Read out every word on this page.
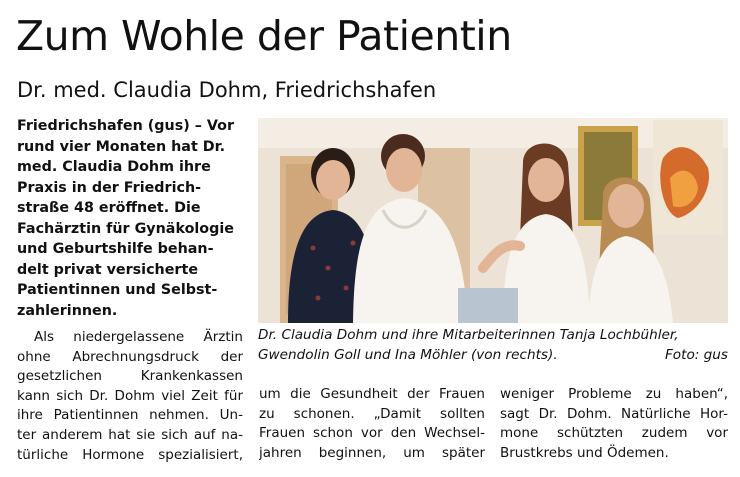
Zum Wohle der Patientin
Dr. med. Claudia Dohm, Friedrichshafen
Friedrichshafen (gus) – Vor
rund vier Monaten hat Dr.
med. Claudia Dohm ihre
Praxis in der Friedrich-
straße 48 eröffnet. Die
Fachärztin für Gynäkologie
und Geburtshilfe behan-
delt privat versicherte
Patientinnen und Selbst-
zahlerinnen.
Als niedergelassene Ärztin
ohne Abrechnungsdruck der
gesetzlichen Krankenkassen
kann sich Dr. Dohm viel Zeit für
ihre Patientinnen nehmen. Un-
ter anderem hat sie sich auf na-
türliche Hormone spezialisiert,
Dr. Claudia Dohm und ihre Mitarbeiterinnen Tanja Lochbühler,
Gwendolin Goll und Ina Möhler (von rechts).	Foto: gus
um die Gesundheit der Frauen
zu schonen. „Damit sollten
Frauen schon vor den Wechsel-
jahren beginnen, um später
weniger Probleme zu haben“,
sagt Dr. Dohm. Natürliche Hor-
mone schützten zudem vor
Brustkrebs und Ödemen.
